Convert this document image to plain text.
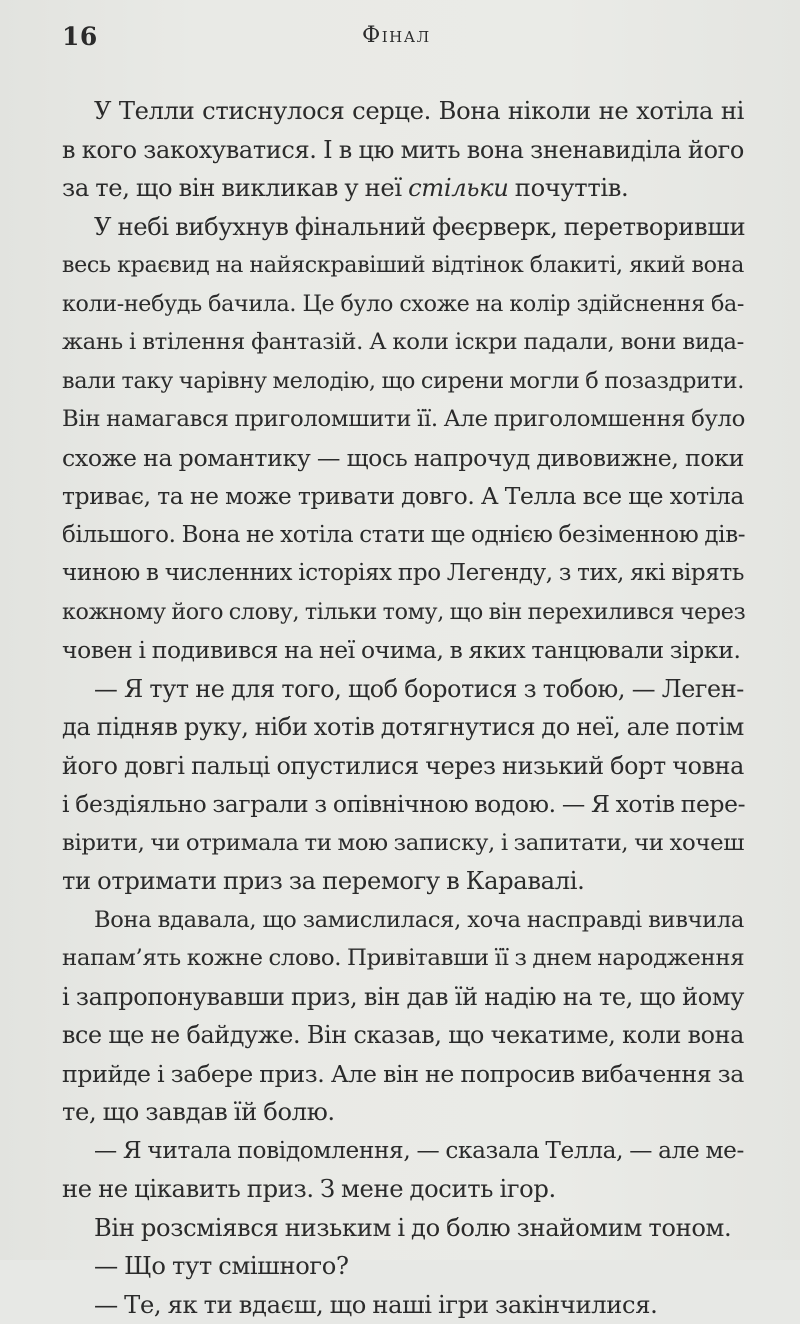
16	Фінал
У Телли стиснулося серце. Вона ніколи не хотіла ні
в кого закохуватися. І в цю мить вона зненавиділа його
за те, що він викликав у неї стільки почуттів.
У небі вибухнув фінальний феєрверк, перетворивши
весь краєвид на найяскравіший відтінок блакиті, який вона
коли-небудь бачила. Це було схоже на колір здійснення ба-
жань і втілення фантазій. А коли іскри падали, вони вида-
вали таку чарівну мелодію, що сирени могли б позаздрити.
Він намагався приголомшити її. Але приголомшення було
схоже на романтику — щось напрочуд дивовижне, поки
триває, та не може тривати довго. А Телла все ще хотіла
більшого. Вона не хотіла стати ще однією безіменною дів-
чиною в численних історіях про Легенду, з тих, які вірять
кожному його слову, тільки тому, що він перехилився через
човен і подивився на неї очима, в яких танцювали зірки.
— Я тут не для того, щоб боротися з тобою, — Леген-
да підняв руку, ніби хотів дотягнутися до неї, але потім
його довгі пальці опустилися через низький борт човна
і бездіяльно заграли з опівнічною водою. — Я хотів пере-
вірити, чи отримала ти мою записку, і запитати, чи хочеш
ти отримати приз за перемогу в Каравалі.
Вона вдавала, що замислилася, хоча насправді вивчила
напам’ять кожне слово. Привітавши її з днем народження
і запропонувавши приз, він дав їй надію на те, що йому
все ще не байдуже. Він сказав, що чекатиме, коли вона
прийде і забере приз. Але він не попросив вибачення за
те, що завдав їй болю.
— Я читала повідомлення, — сказала Телла, — але ме-
не не цікавить приз. З мене досить ігор.
Він розсміявся низьким і до болю знайомим тоном.
— Що тут смішного?
— Те, як ти вдаєш, що наші ігри закінчилися.
